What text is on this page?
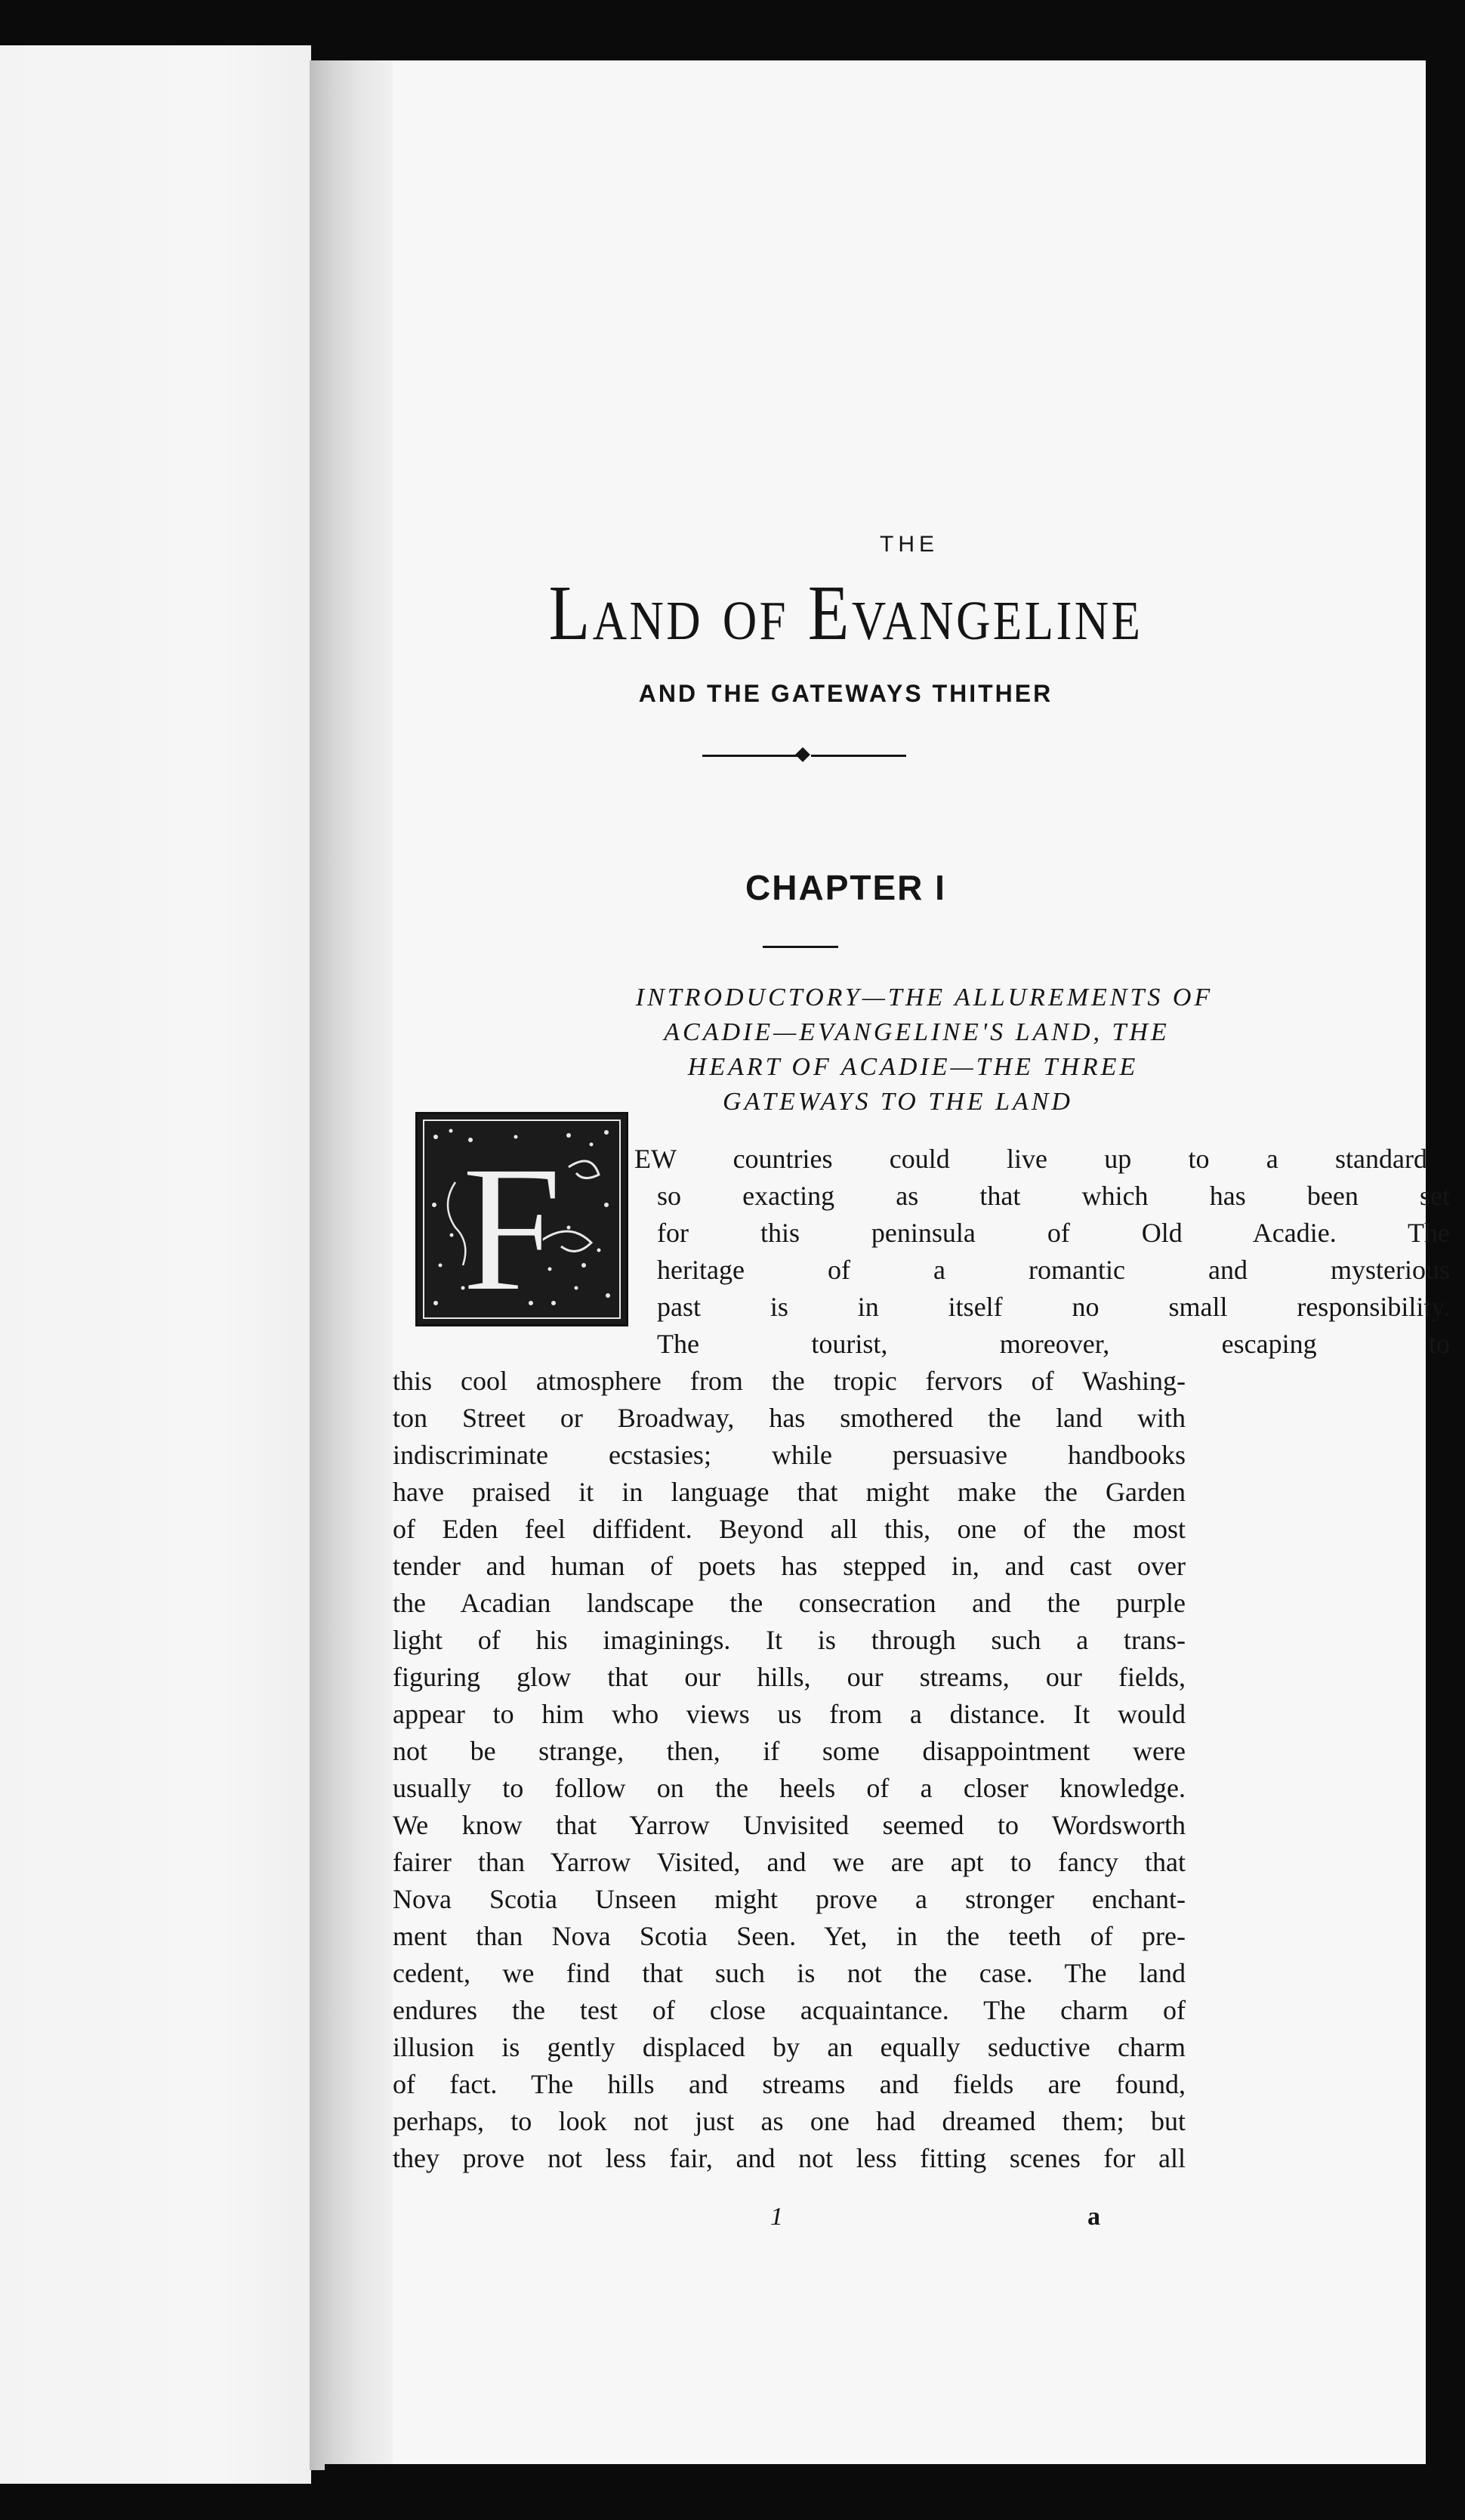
THE
Land of Evangeline
AND THE GATEWAYS THITHER
CHAPTER I
INTRODUCTORY—THE ALLUREMENTS OF
ACADIE—EVANGELINE'S LAND, THE
HEART OF ACADIE—THE THREE
GATEWAYS TO THE LAND
F	EW countries could live up to a standard
so exacting as that which has been set
for this peninsula of Old Acadie. The
heritage of a romantic and mysterious
past is in itself no small responsibility.
The tourist, moreover, escaping to
this cool atmosphere from the tropic fervors of Washing-
ton Street or Broadway, has smothered the land with
indiscriminate ecstasies; while persuasive handbooks
have praised it in language that might make the Garden
of Eden feel diffident. Beyond all this, one of the most
tender and human of poets has stepped in, and cast over
the Acadian landscape the consecration and the purple
light of his imaginings. It is through such a trans-
figuring glow that our hills, our streams, our fields,
appear to him who views us from a distance. It would
not be strange, then, if some disappointment were
usually to follow on the heels of a closer knowledge.
We know that Yarrow Unvisited seemed to Wordsworth
fairer than Yarrow Visited, and we are apt to fancy that
Nova Scotia Unseen might prove a stronger enchant-
ment than Nova Scotia Seen. Yet, in the teeth of pre-
cedent, we find that such is not the case. The land
endures the test of close acquaintance. The charm of
illusion is gently displaced by an equally seductive charm
of fact. The hills and streams and fields are found,
perhaps, to look not just as one had dreamed them; but
they prove not less fair, and not less fitting scenes for all
1	a
